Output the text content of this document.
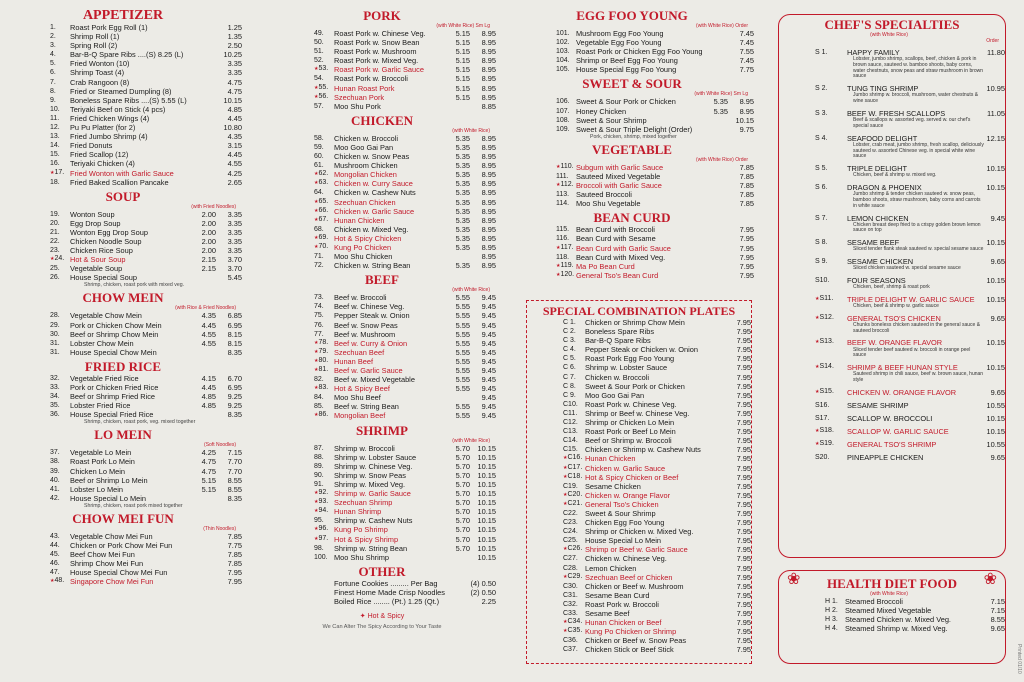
APPETIZER
1.	Roast Pork Egg Roll (1)	1.25
2.	Shrimp Roll (1)	1.35
3.	Spring Roll (2)	2.50
4.	Bar-B-Q Spare Ribs ....(S) 8.25 (L)	10.25
5.	Fried Wonton (10)	3.35
6.	Shrimp Toast (4)	3.35
7.	Crab Rangoon (8)	4.75
8.	Fried or Steamed Dumpling (8)	4.75
9.	Boneless Spare Ribs ....(S) 5.55 (L)	10.15
10.	Teriyaki Beef on Stick (4 pcs)	4.85
11.	Fried Chicken Wings (4)	4.45
12.	Pu Pu Platter (for 2)	10.80
13.	Fried Jumbo Shrimp (4)	4.35
14.	Fried Donuts	3.15
15.	Fried Scallop (12)	4.45
16.	Teriyaki Chicken (4)	4.55
★ 17. Fried Wonton with Garlic Sauce	4.25
18.	Fried Baked Scallion Pancake	2.65
SOUP
(with Fried Noodles)
19.	Wonton Soup	2.00	3.35
20.	Egg Drop Soup	2.00	3.35
21.	Wonton Egg Drop Soup	2.00	3.35
22.	Chicken Noodle Soup	2.00	3.35
23.	Chicken Rice Soup	2.00	3.35
★ 24. Hot & Sour Soup	2.15	3.70
25.	Vegetable Soup	2.15	3.70
26.	House Special Soup	5.45
Shrimp, chicken, roast pork with mixed veg.
CHOW MEIN
(with Rice & Fried Noodles)
28.	Vegetable Chow Mein	4.35	6.85
29.	Pork or Chicken Chow Mein	4.45	6.95
30.	Beef or Shrimp Chow Mein	4.55	8.15
31.	Lobster Chow Mein	4.55	8.15
31.	House Special Chow Mein	8.35
FRIED RICE
32.	Vegetable Fried Rice	4.15	6.70
33.	Pork or Chicken Fried Rice	4.45	6.95
34.	Beef or Shrimp Fried Rice	4.85	9.25
35.	Lobster Fried Rice	4.85	9.25
36.	House Special Fried Rice	8.35
Shrimp, chicken, roast pork, veg. mixed together
LO MEIN
(Soft Noodles)
37.	Vegetable Lo Mein	4.25	7.15
38.	Roast Pork Lo Mein	4.75	7.70
39.	Chicken Lo Mein	4.75	7.70
40.	Beef or Shrimp Lo Mein	5.15	8.55
41.	Lobster Lo Mein	5.15	8.55
42.	House Special Lo Mein	8.35
Shrimp, chicken, roast pork mixed together
CHOW MEI FUN
(Thin Noodles)
43.	Vegetable Chow Mei Fun	7.85
44.	Chicken or Pork Chow Mei Fun	7.75
45.	Beef Chow Mei Fun	7.85
46.	Shrimp Chow Mei Fun	7.85
47.	House Special Chow Mei Fun	7.95
★ 48. Singapore Chow Mei Fun	7.95
PORK
(with White Rice) Sm Lg
49.	Roast Pork w. Chinese Veg.	5.15	8.95
50.	Roast Pork w. Snow Bean	5.15	8.95
51.	Roast Pork w. Mushroom	5.15	8.95
52.	Roast Pork w. Mixed Veg.	5.15	8.95
★ 53. Roast Pork w. Garlic Sauce	5.15	8.95
54.	Roast Pork w. Broccoli	5.15	8.95
★ 55. Hunan Roast Pork	5.15	8.95
★ 56. Szechuan Pork	5.15	8.95
57.	Moo Shu Pork	8.85
CHICKEN
(with White Rice)
58.	Chicken w. Broccoli	5.35	8.95
59.	Moo Goo Gai Pan	5.35	8.95
60.	Chicken w. Snow Peas	5.35	8.95
61.	Mushroom Chicken	5.35	8.95
★ 62. Mongolian Chicken	5.35	8.95
★ 63. Chicken w. Curry Sauce	5.35	8.95
64.	Chicken w. Cashew Nuts	5.35	8.95
★ 65. Szechuan Chicken	5.35	8.95
★ 66. Chicken w. Garlic Sauce	5.35	8.95
★ 67. Hunan Chicken	5.35	8.95
68.	Chicken w. Mixed Veg.	5.35	8.95
★ 69. Hot & Spicy Chicken	5.35	8.95
★ 70. Kung Po Chicken	5.35	8.95
71.	Moo Shu Chicken	8.95
72.	Chicken w. String Bean	5.35	8.95
BEEF
(with White Rice)
73.	Beef w. Broccoli	5.55	9.45
74.	Beef w. Chinese Veg.	5.55	9.45
75.	Pepper Steak w. Onion	5.55	9.45
76.	Beef w. Snow Peas	5.55	9.45
77.	Beef w. Mushroom	5.55	9.45
★ 78. Beef w. Curry & Onion	5.55	9.45
★ 79. Szechuan Beef	5.55	9.45
★ 80. Hunan Beef	5.55	9.45
★ 81. Beef w. Garlic Sauce	5.55	9.45
82.	Beef w. Mixed Vegetable	5.55	9.45
★ 83. Hot & Spicy Beef	5.55	9.45
84.	Moo Shu Beef	9.45
85.	Beef w. String Bean	5.55	9.45
★ 86. Mongolian Beef	5.55	9.45
SHRIMP
(with White Rice)
87.	Shrimp w. Broccoli	5.70	10.15
88.	Shrimp w. Lobster Sauce	5.70	10.15
89.	Shrimp w. Chinese Veg.	5.70	10.15
90.	Shrimp w. Snow Peas	5.70	10.15
91.	Shrimp w. Mixed Veg.	5.70	10.15
★ 92. Shrimp w. Garlic Sauce	5.70	10.15
★ 93. Szechuan Shrimp	5.70	10.15
★ 94. Hunan Shrimp	5.70	10.15
95.	Shrimp w. Cashew Nuts	5.70	10.15
★ 96. Kung Po Shrimp	5.70	10.15
★ 97. Hot & Spicy Shrimp	5.70	10.15
98.	Shrimp w. String Bean	5.70	10.15
100. Moo Shu Shrimp	10.15
OTHER
Fortune Cookies ......... Per Bag	(4) 0.50
Finest Home Made Crisp Noodles	(2) 0.50
Boiled Rice ........ (Pt.) 1.25 (Qt.)	2.25
✦ Hot & Spicy
We Can Alter The Spicy According to Your Taste
EGG FOO YOUNG
(with White Rice) Order
101. Mushroom Egg Foo Young	7.45
102. Vegetable Egg Foo Young	7.45
103. Roast Pork or Chicken Egg Foo Young	7.55
104. Shrimp or Beef Egg Foo Young	7.45
105. House Special Egg Foo Young	7.75
SWEET & SOUR
(with White Rice) Sm Lg
106. Sweet & Sour Pork or Chicken	5.35	8.95
107. Honey Chicken	5.35	8.95
108. Sweet & Sour Shrimp	10.15
109. Sweet & Sour Triple Delight (Order)	9.75
Pork, chicken, shrimp, mixed together
VEGETABLE
(with White Rice) Order
★ 110. Subgum with Garlic Sauce	7.85
111.	Sauteed Mixed Vegetable	7.85
★ 112. Broccoli with Garlic Sauce	7.85
113. Sauteed Broccoli	7.85
114. Moo Shu Vegetable	7.85
BEAN CURD
115. Bean Curd with Broccoli	7.95
116. Bean Curd with Sesame	7.95
★ 117. Bean Curd with Garlic Sauce	7.95
118. Bean Curd with Mixed Veg.	7.95
★ 119. Ma Po Bean Curd	7.95
★ 120. General Tso's Bean Curd	7.95
SPECIAL COMBINATION PLATES
C 1.	Chicken or Shrimp Chow Mein	7.95
C 2.	Boneless Spare Ribs	7.95
C 3.	Bar-B-Q Spare Ribs	7.95
C 4.	Pepper Steak or Chicken w. Onion	7.95
C 5.	Roast Pork Egg Foo Young	7.95
C 6.	Shrimp w. Lobster Sauce	7.95
C 7.	Chicken w. Broccoli	7.95
C 8.	Sweet & Sour Pork or Chicken	7.95
C 9.	Moo Goo Gai Pan	7.95
C10. Roast Pork w. Chinese Veg.	7.95
C11.	Shrimp or Beef w. Chinese Veg.	7.95
C12. Shrimp or Chicken Lo Mein	7.95
C13. Roast Pork or Beef Lo Mein	7.95
C14. Beef or Shrimp w. Broccoli	7.95
C15. Chicken or Shrimp w. Cashew Nuts	7.95
★ C16. Hunan Chicken	7.95
★ C17. Chicken w. Garlic Sauce	7.95
★ C18. Hot & Spicy Chicken or Beef	7.95
C19. Sesame Chicken	7.95
★ C20. Chicken w. Orange Flavor	7.95
★ C21. General Tso's Chicken	7.95
C22. Sweet & Sour Shrimp	7.95
C23. Chicken Egg Foo Young	7.95
C24. Shrimp or Chicken w. Mixed Veg.	7.95
C25. House Special Lo Mein	7.95
★ C26. Shrimp or Beef w. Garlic Sauce	7.95
C27. Chicken w. Chinese Veg.	7.95
C28. Lemon Chicken	7.95
★ C29. Szechuan Beef or Chicken	7.95
C30. Chicken or Beef w. Mushroom	7.95
C31. Sesame Bean Curd	7.95
C32. Roast Pork w. Broccoli	7.95
C33. Sesame Beef	7.95
★ C34. Hunan Chicken or Beef	7.95
★ C35. Kung Po Chicken or Shrimp	7.95
C36. Chicken or Beef w. Snow Peas	7.95
C37. Chicken Stick or Beef Stick	7.95
CHEF'S SPECIALTIES
(with White Rice)
Order
S 1.	HAPPY FAMILY	11.80
Lobster, jumbo shrimp, scallops, beef, chicken & pork in brown sauce, sauteed w. bamboo shoots, baby corns, water chestnuts, snow peas and straw mushroom in brown sauce
S 2.	TUNG TING SHRIMP	10.95
Jumbo shrimp w. broccoli, mushroom, water chestnuts & wine sauce
S 3.	BEEF W. FRESH SCALLOPS	11.05
Beef & scallops w. assorted veg. served w. our chef's special sauce
S 4.	SEAFOOD DELIGHT	12.15
Lobster, crab meat, jumbo shrimp, fresh scallop, deliciously sauteed w. assorted Chinese veg. in special white wine sauce
S 5.	TRIPLE DELIGHT	10.15
Chicken, beef & shrimp w. mixed veg.
S 6.	DRAGON & PHOENIX	10.15
Jumbo shrimp & tender chicken sauteed w. snow peas, bamboo shoots, straw mushroom, baby corns and carrots in white sauce
S 7.	LEMON CHICKEN	9.45
Chicken breast deep fried to a crispy golden brown lemon sauce on top
S 8.	SESAME BEEF	10.15
Sliced tender flank steak sauteed w. special sesame sauce
S 9.	SESAME CHICKEN	9.65
Sliced chicken sauteed w. special sesame sauce
S10.	FOUR SEASONS	10.15
Chicken, beef, shrimp & roast pork
★ S11.	TRIPLE DELIGHT W. GARLIC SAUCE	10.15
Chicken, beef & shrimp w. garlic sauce
★ S12.	GENERAL TSO'S CHICKEN	9.65
Chunks boneless chicken sauteed in the general sauce & sauteed broccoli
★ S13.	BEEF W. ORANGE FLAVOR	10.15
Sliced tender beef sauteed w. broccoli in orange peel sauce
★ S14.	SHRIMP & BEEF HUNAN STYLE	10.15
Sauteed shrimp in chili sauce, beef w. brown sauce, hunan style
★ S15.	CHICKEN W. ORANGE FLAVOR	9.65
S16.	SESAME SHRIMP	10.55
S17.	SCALLOP W. BROCCOLI	10.15
★ S18.	SCALLOP W. GARLIC SAUCE	10.15
★ S19.	GENERAL TSO'S SHRIMP	10.55
S20.	PINEAPPLE CHICKEN	9.65
❀	❀
HEALTH DIET FOOD
(with White Rice)
H 1. Steamed Broccoli	7.15
H 2. Steamed Mixed Vegetable	7.15
H 3. Steamed Chicken w. Mixed Veg.	8.55
H 4. Steamed Shrimp w. Mixed Veg.	9.65
Printed 01/10
